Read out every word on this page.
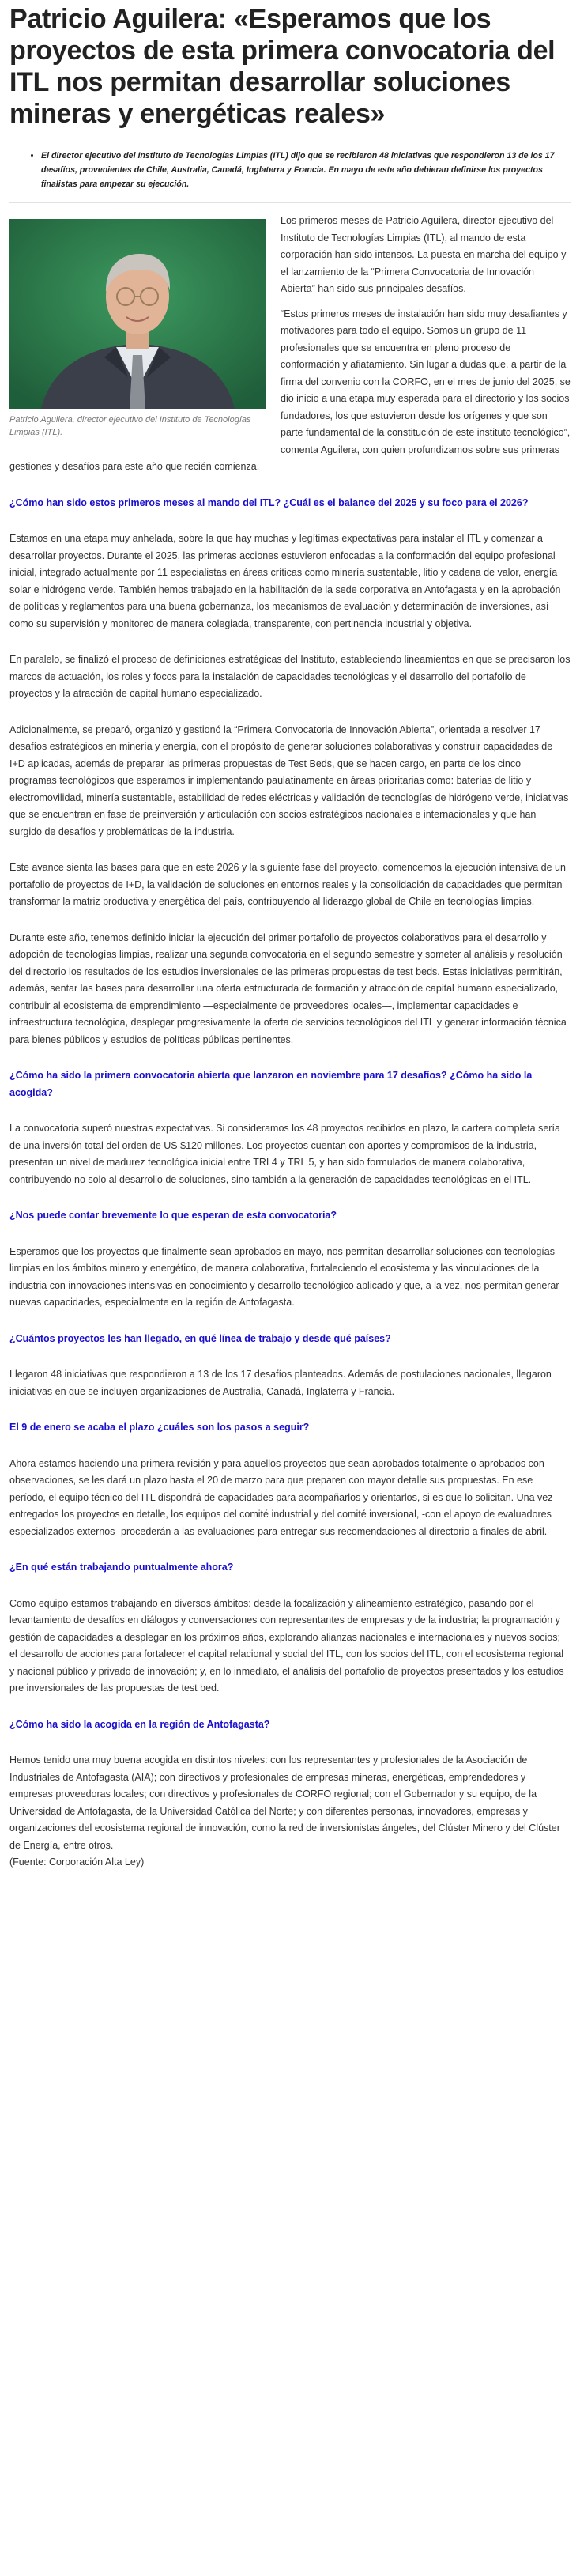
Patricio Aguilera: «Esperamos que los proyectos de esta primera convocatoria del ITL nos permitan desarrollar soluciones mineras y energéticas reales»
• El director ejecutivo del Instituto de Tecnologías Limpias (ITL) dijo que se recibieron 48 iniciativas que respondieron 13 de los 17 desafíos, provenientes de Chile, Australia, Canadá, Inglaterra y Francia. En mayo de este año debieran definirse los proyectos finalistas para empezar su ejecución.
Patricio Aguilera, director ejecutivo del Instituto de Tecnologías Limpias (ITL).

Los primeros meses de Patricio Aguilera, director ejecutivo del Instituto de Tecnologías Limpias (ITL), al mando de esta corporación han sido intensos. La puesta en marcha del equipo y el lanzamiento de la “Primera Convocatoria de Innovación Abierta” han sido sus principales desafíos.

“Estos primeros meses de instalación han sido muy desafiantes y motivadores para todo el equipo. Somos un grupo de 11 profesionales que se encuentra en pleno proceso de conformación y afiatamiento. Sin lugar a dudas que, a partir de la firma del convenio con la CORFO, en el mes de junio del 2025, se dio inicio a una etapa muy esperada para el directorio y los socios fundadores, los que estuvieron desde los orígenes y que son parte fundamental de la constitución de este instituto tecnológico”, comenta Aguilera, con quien profundizamos sobre sus primeras gestiones y desafíos para este año que recién comienza.

¿Cómo han sido estos primeros meses al mando del ITL? ¿Cuál es el balance del 2025 y su foco para el 2026?

Estamos en una etapa muy anhelada, sobre la que hay muchas y legítimas expectativas para instalar el ITL y comenzar a desarrollar proyectos. Durante el 2025, las primeras acciones estuvieron enfocadas a la conformación del equipo profesional inicial, integrado actualmente por 11 especialistas en áreas críticas como minería sustentable, litio y cadena de valor, energía solar e hidrógeno verde. También hemos trabajado en la habilitación de la sede corporativa en Antofagasta y en la aprobación de políticas y reglamentos para una buena gobernanza, los mecanismos de evaluación y determinación de inversiones, así como su supervisión y monitoreo de manera colegiada, transparente, con pertinencia industrial y objetiva.

En paralelo, se finalizó el proceso de definiciones estratégicas del Instituto, estableciendo lineamientos en que se precisaron los marcos de actuación, los roles y focos para la instalación de capacidades tecnológicas y el desarrollo del portafolio de proyectos y la atracción de capital humano especializado.

Adicionalmente, se preparó, organizó y gestionó la “Primera Convocatoria de Innovación Abierta”, orientada a resolver 17 desafíos estratégicos en minería y energía, con el propósito de generar soluciones colaborativas y construir capacidades de I+D aplicadas, además de preparar las primeras propuestas de Test Beds, que se hacen cargo, en parte de los cinco programas tecnológicos que esperamos ir implementando paulatinamente en áreas prioritarias como: baterías de litio y electromovilidad, minería sustentable, estabilidad de redes eléctricas y validación de tecnologías de hidrógeno verde, iniciativas que se encuentran en fase de preinversión y articulación con socios estratégicos nacionales e internacionales y que han surgido de desafíos y problemáticas de la industria.

Este avance sienta las bases para que en este 2026 y la siguiente fase del proyecto, comencemos la ejecución intensiva de un portafolio de proyectos de I+D, la validación de soluciones en entornos reales y la consolidación de capacidades que permitan transformar la matriz productiva y energética del país, contribuyendo al liderazgo global de Chile en tecnologías limpias.

Durante este año, tenemos definido iniciar la ejecución del primer portafolio de proyectos colaborativos para el desarrollo y adopción de tecnologías limpias, realizar una segunda convocatoria en el segundo semestre y someter al análisis y resolución del directorio los resultados de los estudios inversionales de las primeras propuestas de test beds. Estas iniciativas permitirán, además, sentar las bases para desarrollar una oferta estructurada de formación y atracción de capital humano especializado, contribuir al ecosistema de emprendimiento —especialmente de proveedores locales—, implementar capacidades e infraestructura tecnológica, desplegar progresivamente la oferta de servicios tecnológicos del ITL y generar información técnica para bienes públicos y estudios de políticas públicas pertinentes.

¿Cómo ha sido la primera convocatoria abierta que lanzaron en noviembre para 17 desafíos? ¿Cómo ha sido la acogida?

La convocatoria superó nuestras expectativas. Si consideramos los 48 proyectos recibidos en plazo, la cartera completa sería de una inversión total del orden de US $120 millones. Los proyectos cuentan con aportes y compromisos de la industria, presentan un nivel de madurez tecnológica inicial entre TRL4 y TRL 5, y han sido formulados de manera colaborativa, contribuyendo no solo al desarrollo de soluciones, sino también a la generación de capacidades tecnológicas en el ITL.

¿Nos puede contar brevemente lo que esperan de esta convocatoria?

Esperamos que los proyectos que finalmente sean aprobados en mayo, nos permitan desarrollar soluciones con tecnologías limpias en los ámbitos minero y energético, de manera colaborativa, fortaleciendo el ecosistema y las vinculaciones de la industria con innovaciones intensivas en conocimiento y desarrollo tecnológico aplicado y que, a la vez, nos permitan generar nuevas capacidades, especialmente en la región de Antofagasta.

¿Cuántos proyectos les han llegado, en qué línea de trabajo y desde qué países?

Llegaron 48 iniciativas que respondieron a 13 de los 17 desafíos planteados. Además de postulaciones nacionales, llegaron iniciativas en que se incluyen organizaciones de Australia, Canadá, Inglaterra y Francia.

El 9 de enero se acaba el plazo ¿cuáles son los pasos a seguir?

Ahora estamos haciendo una primera revisión y para aquellos proyectos que sean aprobados totalmente o aprobados con observaciones, se les dará un plazo hasta el 20 de marzo para que preparen con mayor detalle sus propuestas. En ese período, el equipo técnico del ITL dispondrá de capacidades para acompañarlos y orientarlos, si es que lo solicitan. Una vez entregados los proyectos en detalle, los equipos del comité industrial y del comité inversional, -con el apoyo de evaluadores especializados externos- procederán a las evaluaciones para entregar sus recomendaciones al directorio a finales de abril.

¿En qué están trabajando puntualmente ahora?

Como equipo estamos trabajando en diversos ámbitos: desde la focalización y alineamiento estratégico, pasando por el levantamiento de desafíos en diálogos y conversaciones con representantes de empresas y de la industria; la programación y gestión de capacidades a desplegar en los próximos años, explorando alianzas nacionales e internacionales y nuevos socios; el desarrollo de acciones para fortalecer el capital relacional y social del ITL, con los socios del ITL, con el ecosistema regional y nacional público y privado de innovación; y, en lo inmediato, el análisis del portafolio de proyectos presentados y los estudios pre inversionales de las propuestas de test bed.

¿Cómo ha sido la acogida en la región de Antofagasta?

Hemos tenido una muy buena acogida en distintos niveles: con los representantes y profesionales de la Asociación de Industriales de Antofagasta (AIA); con directivos y profesionales de empresas mineras, energéticas, emprendedores y empresas proveedoras locales; con directivos y profesionales de CORFO regional; con el Gobernador y su equipo, de la Universidad de Antofagasta, de la Universidad Católica del Norte; y con diferentes personas, innovadores, empresas y organizaciones del ecosistema regional de innovación, como la red de inversionistas ángeles, del Clúster Minero y del Clúster de Energía, entre otros.

(Fuente: Corporación Alta Ley)
